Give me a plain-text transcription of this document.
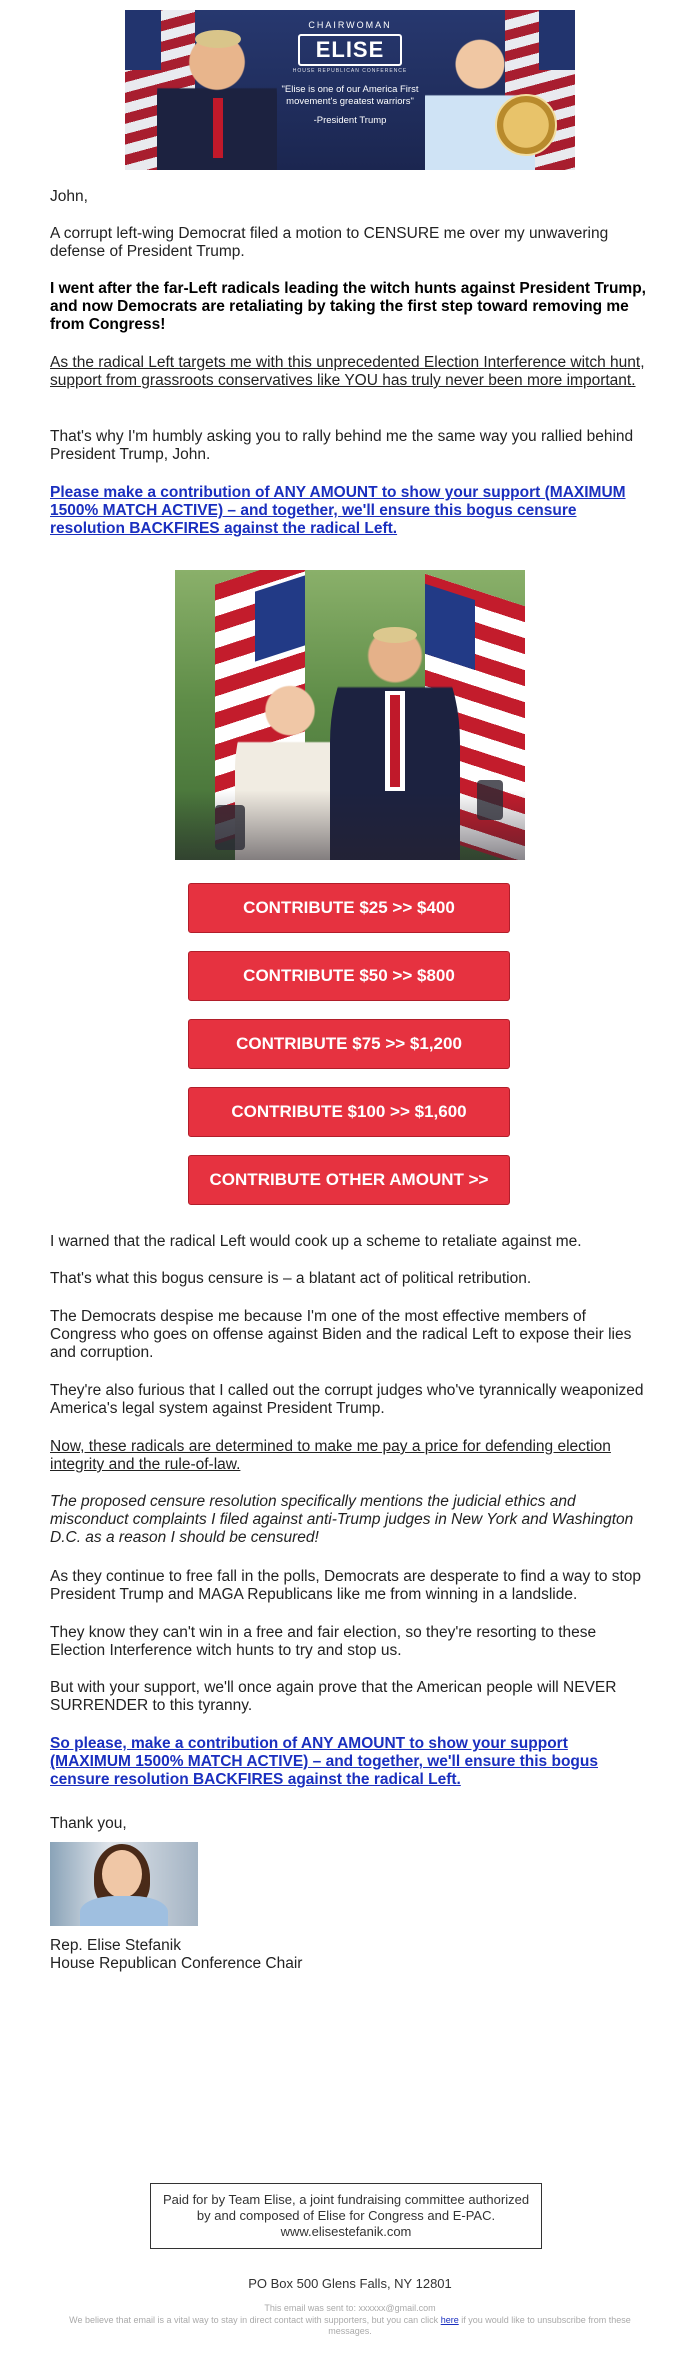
CHAIRWOMAN
ELISE
HOUSE REPUBLICAN CONFERENCE
"Elise is one of our America First movement's greatest warriors"
-President Trump

John,

A corrupt left-wing Democrat filed a motion to CENSURE me over my unwavering defense of President Trump.

I went after the far-Left radicals leading the witch hunts against President Trump, and now Democrats are retaliating by taking the first step toward removing me from Congress!

As the radical Left targets me with this unprecedented Election Interference witch hunt, support from grassroots conservatives like YOU has truly never been more important.

That's why I'm humbly asking you to rally behind me the same way you rallied behind President Trump, John.

Please make a contribution of ANY AMOUNT to show your support (MAXIMUM 1500% MATCH ACTIVE) – and together, we'll ensure this bogus censure resolution BACKFIRES against the radical Left.
CONTRIBUTE $25 >> $400
CONTRIBUTE $50 >> $800
CONTRIBUTE $75 >> $1,200
CONTRIBUTE $100 >> $1,600
CONTRIBUTE OTHER AMOUNT >>

I warned that the radical Left would cook up a scheme to retaliate against me.

That's what this bogus censure is – a blatant act of political retribution.

The Democrats despise me because I'm one of the most effective members of Congress who goes on offense against Biden and the radical Left to expose their lies and corruption.

They're also furious that I called out the corrupt judges who've tyrannically weaponized America's legal system against President Trump.

Now, these radicals are determined to make me pay a price for defending election integrity and the rule-of-law.

The proposed censure resolution specifically mentions the judicial ethics and misconduct complaints I filed against anti-Trump judges in New York and Washington D.C. as a reason I should be censured!

As they continue to free fall in the polls, Democrats are desperate to find a way to stop President Trump and MAGA Republicans like me from winning in a landslide.

They know they can't win in a free and fair election, so they're resorting to these Election Interference witch hunts to try and stop us.

But with your support, we'll once again prove that the American people will NEVER SURRENDER to this tyranny.

So please, make a contribution of ANY AMOUNT to show your support (MAXIMUM 1500% MATCH ACTIVE) – and together, we'll ensure this bogus censure resolution BACKFIRES against the radical Left.

Thank you,

Rep. Elise Stefanik

House Republican Conference Chair

Paid for by Team Elise, a joint fundraising committee authorized by and composed of Elise for Congress and E-PAC. www.elisestefanik.com
PO Box 500 Glens Falls, NY 12801
This email was sent to: xxxxxx@gmail.com
We believe that email is a vital way to stay in direct contact with supporters, but you can click here if you would like to unsubscribe from these messages.
